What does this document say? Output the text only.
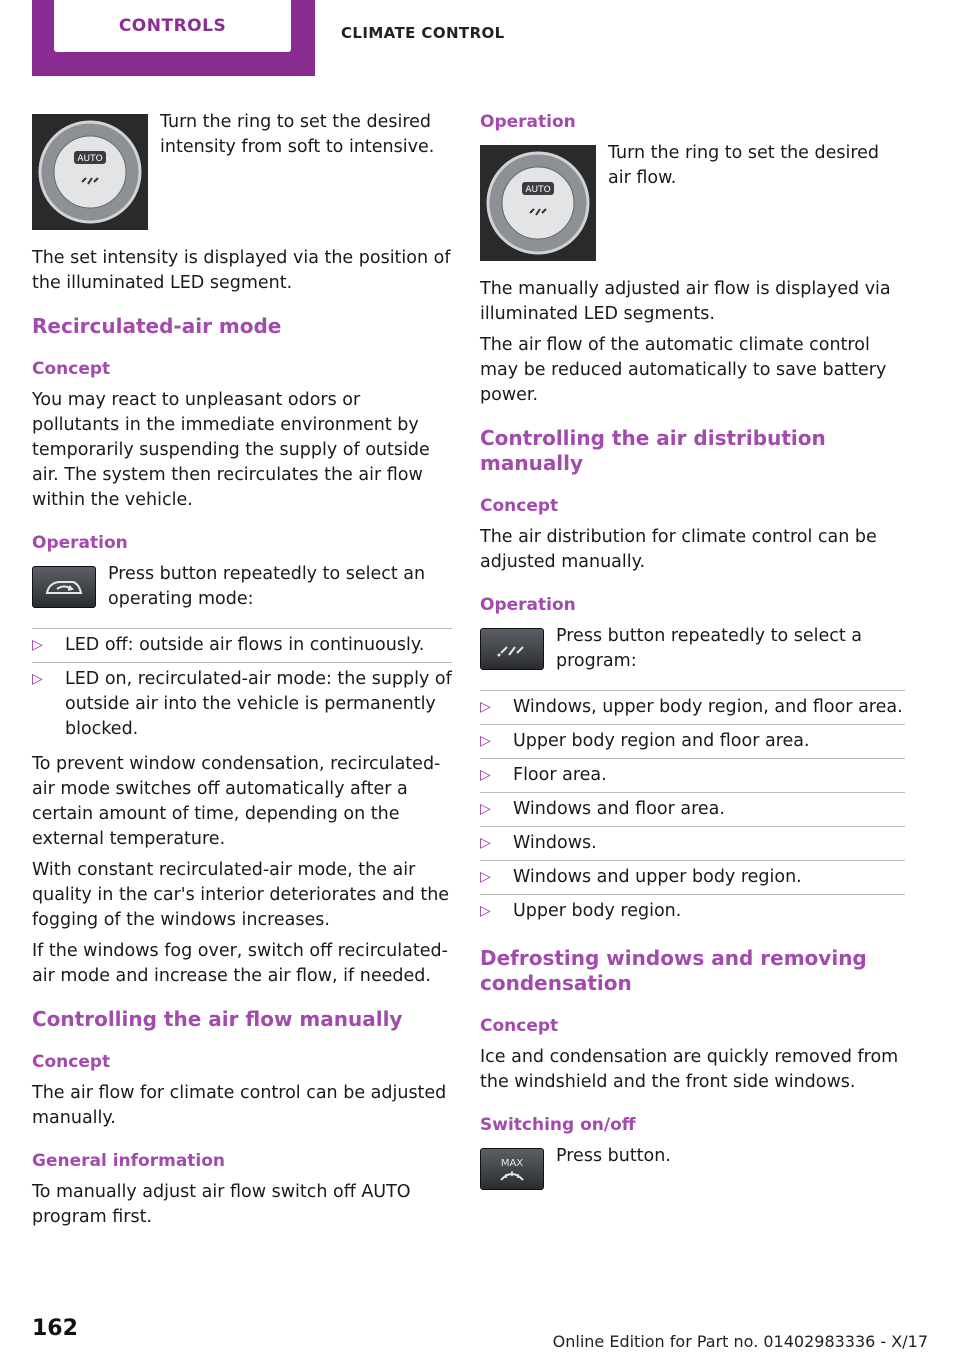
CONTROLS	CLIMATE CONTROL
AUTO
Turn the ring to set the desired intensity from soft to intensive.

The set intensity is displayed via the position of the illuminated LED segment.

Recirculated-air mode
Concept

You may react to unpleasant odors or pollutants in the immediate environment by temporarily suspending the supply of outside air. The system then recirculates the air flow within the vehicle.

Operation
Press button repeatedly to select an operating mode:
▷ LED off: outside air flows in continuously.
▷ LED on, recirculated-air mode: the supply of outside air into the vehicle is permanently blocked.

To prevent window condensation, recirculated-air mode switches off automatically after a certain amount of time, depending on the external temperature.

With constant recirculated-air mode, the air quality in the car's interior deteriorates and the fogging of the windows increases.

If the windows fog over, switch off recirculated-air mode and increase the air flow, if needed.

Controlling the air flow manually
Concept

The air flow for climate control can be adjusted manually.

General information

To manually adjust air flow switch off AUTO program first.

Operation
AUTO
Turn the ring to set the desired air flow.

The manually adjusted air flow is displayed via illuminated LED segments.

The air flow of the automatic climate control may be reduced automatically to save battery power.

Controlling the air distribution manually
Concept

The air distribution for climate control can be adjusted manually.

Operation
Press button repeatedly to select a program:
▷ Windows, upper body region, and floor area.
▷ Upper body region and floor area.
▷ Floor area.
▷ Windows and floor area.
▷ Windows.
▷ Windows and upper body region.
▷ Upper body region.
Defrosting windows and removing condensation
Concept

Ice and condensation are quickly removed from the windshield and the front side windows.

Switching on/off
MAX Press button.
162
Online Edition for Part no. 01402983336 - X/17
